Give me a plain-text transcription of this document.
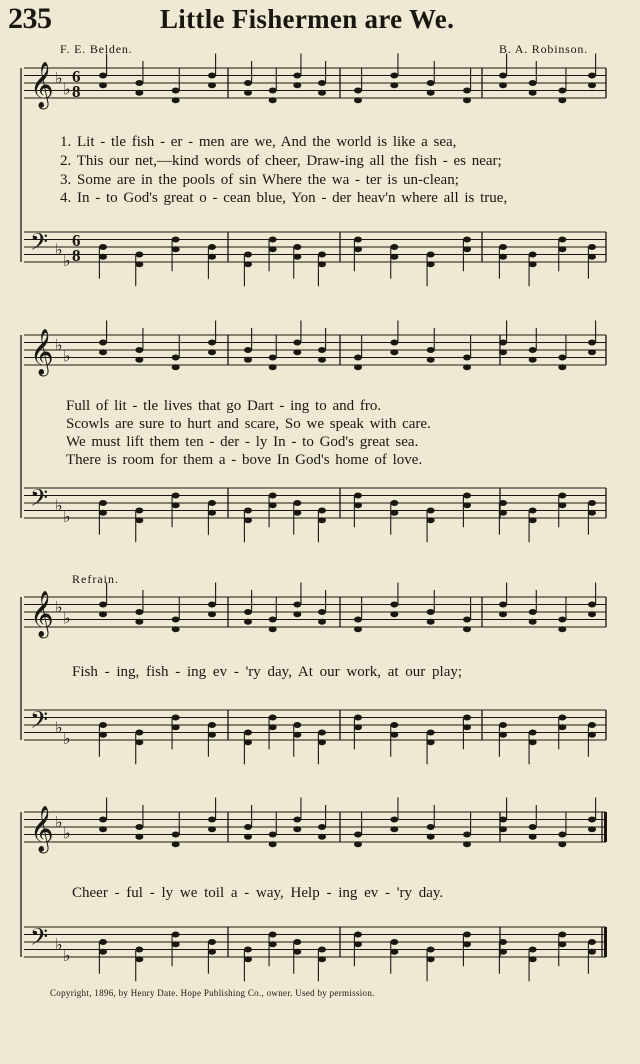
235	Little Fishermen are We.
F. E. Belden.	B. A. Robinson.
𝄞 ♭
♭
6
8
𝄢 ♭
♭
6
8
𝄞 ♭
♭
𝄢 ♭
♭
𝄞 ♭
♭
𝄢 ♭
♭
𝄞 ♭
♭
𝄢 ♭
♭
1. Lit - tle fish - er - men are we, And the world is like a sea,
2. This our net,—kind words of cheer, Draw-ing all the fish - es near;
3. Some are in the pools of sin Where the wa - ter is un-clean;
4. In - to God's great o - cean blue, Yon - der heav'n where all is true,
Full of lit - tle lives that go Dart - ing to and fro.
Scowls are sure to hurt and scare, So we speak with care.
We must lift them ten - der - ly In - to God's great sea.
There is room for them a - bove In God's home of love.
Refrain.
Fish - ing, fish - ing ev - 'ry day, At our work, at our play;
Cheer - ful - ly we toil a - way, Help - ing ev - 'ry day.
Copyright, 1896, by Henry Date. Hope Publishing Co., owner. Used by permission.
